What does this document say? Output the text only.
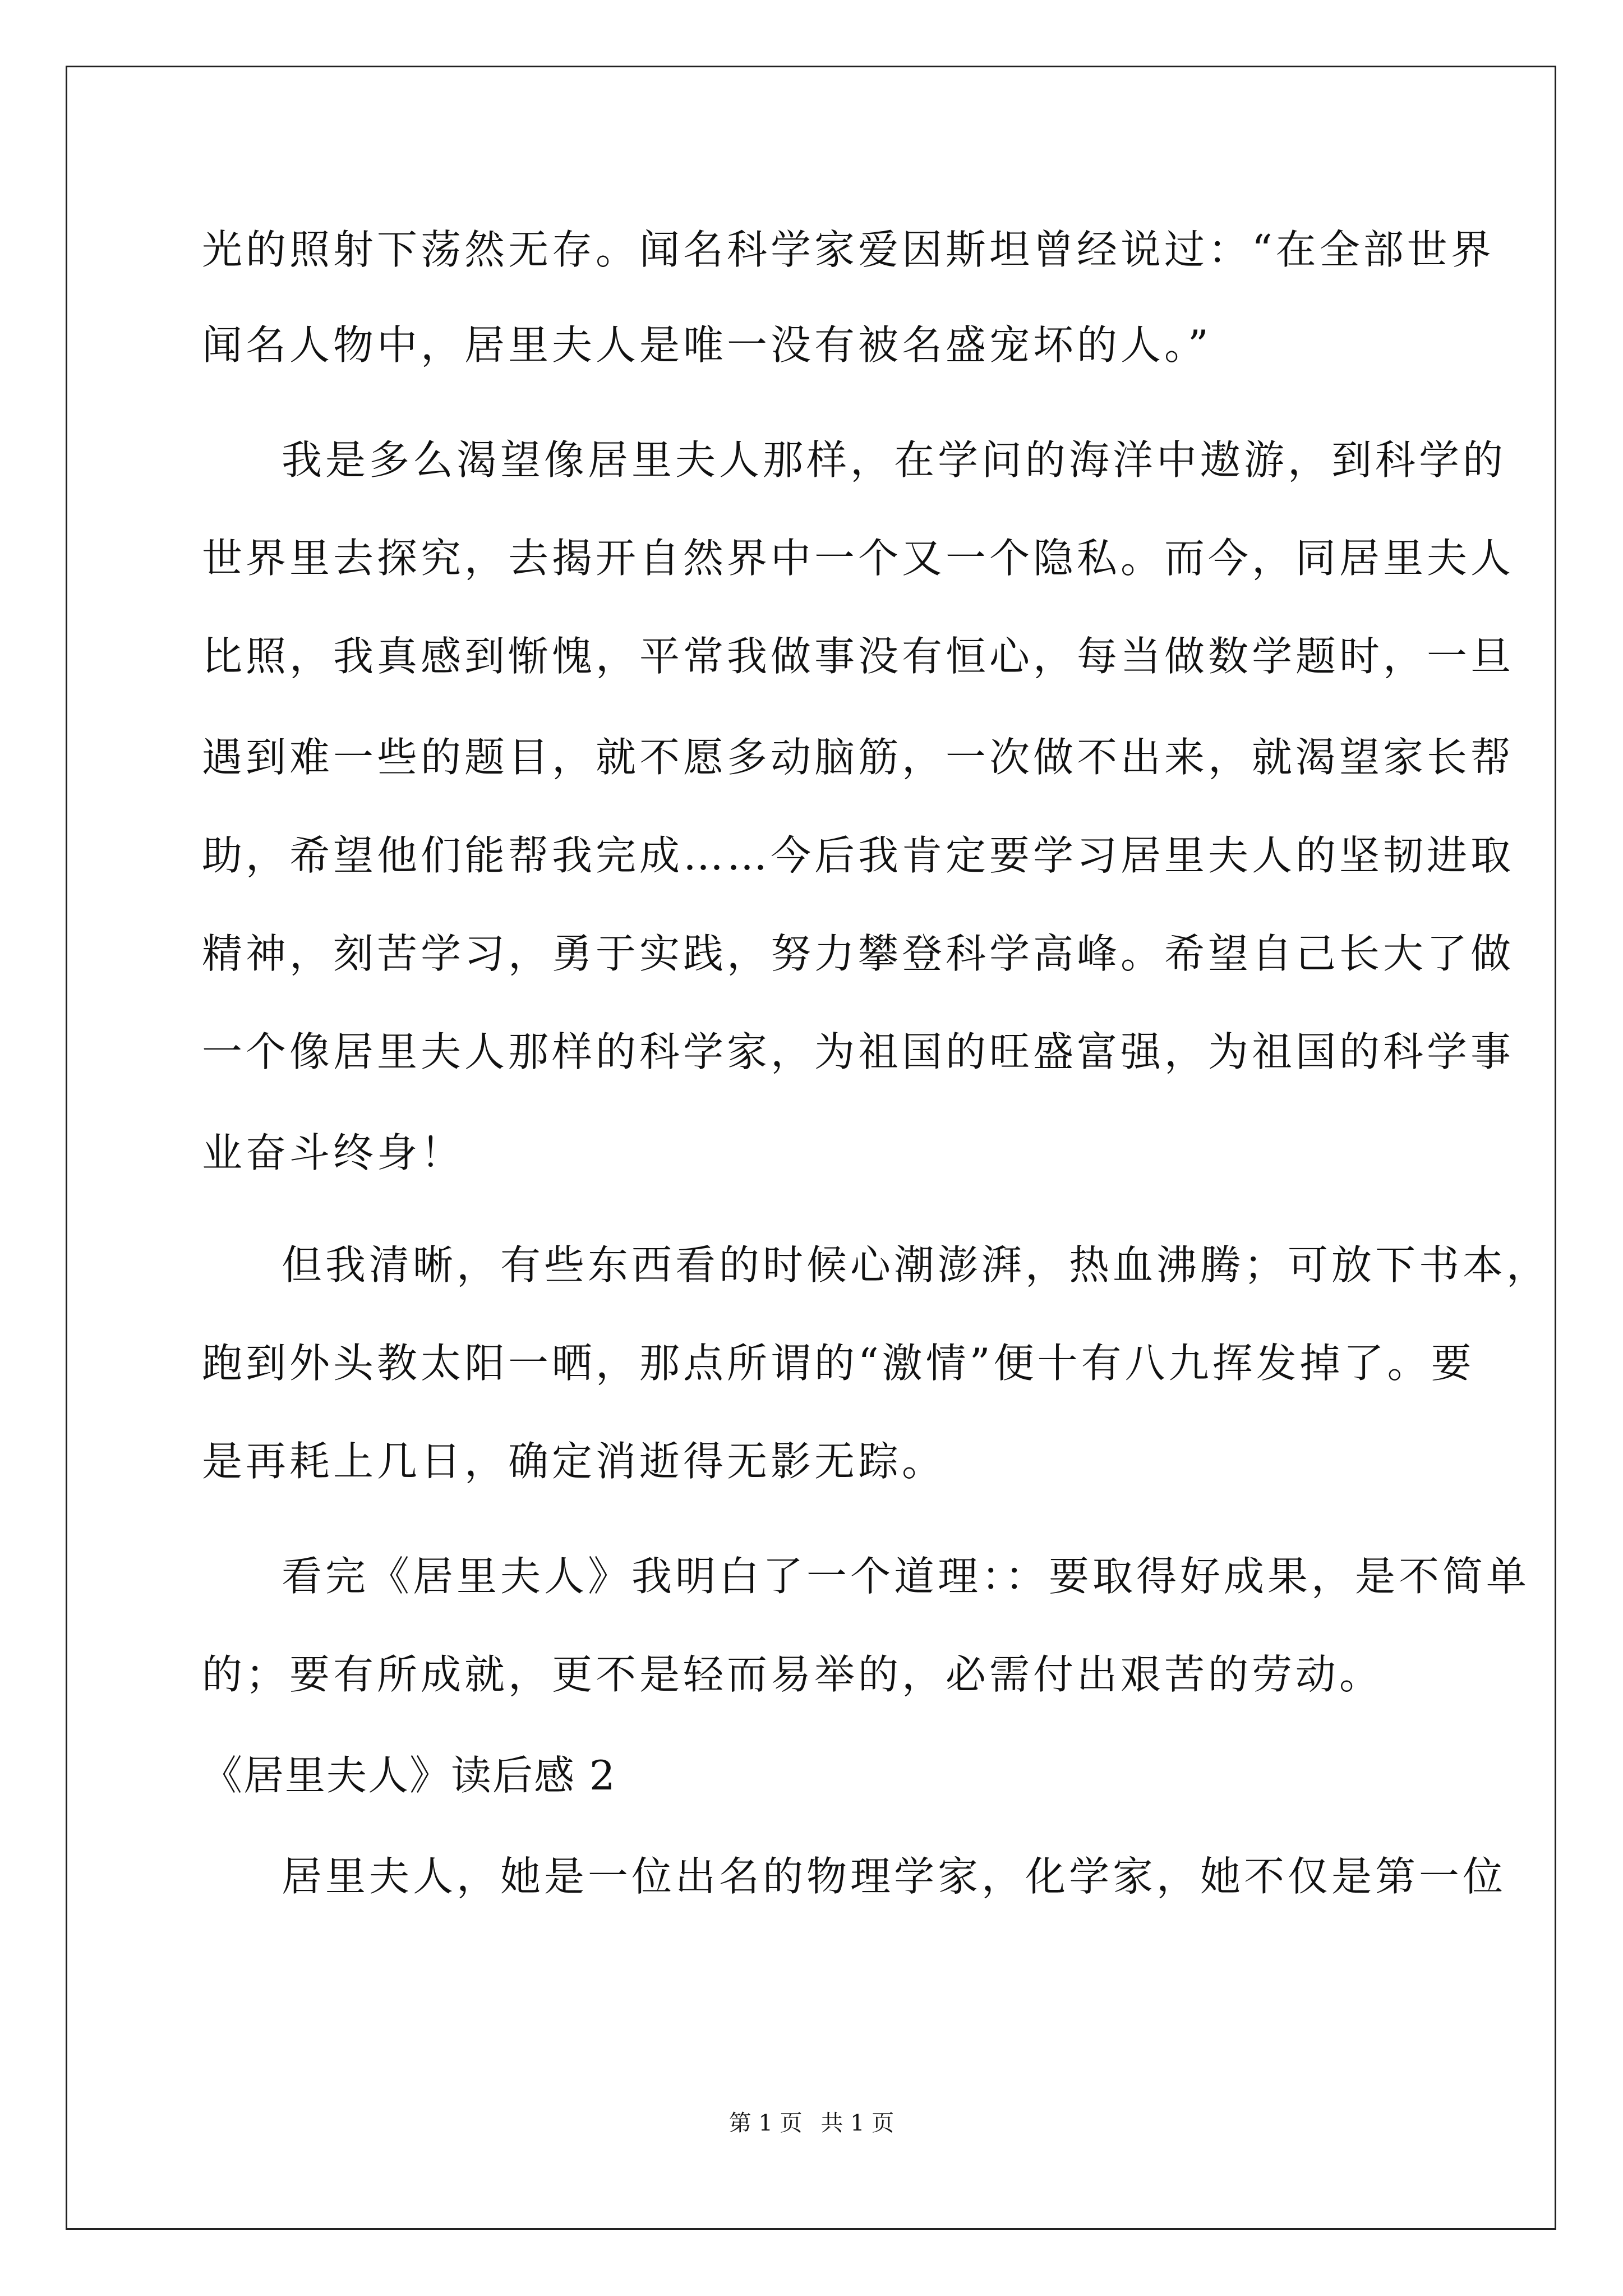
光的照射下荡然无存。闻名科学家爱因斯坦曾经说过：“在全部世界
闻名人物中，居里夫人是唯一没有被名盛宠坏的人。”
我是多么渴望像居里夫人那样，在学问的海洋中遨游，到科学的
世界里去探究，去揭开自然界中一个又一个隐私。而今，同居里夫人
比照，我真感到惭愧，平常我做事没有恒心，每当做数学题时，一旦
遇到难一些的题目，就不愿多动脑筋，一次做不出来，就渴望家长帮
助，希望他们能帮我完成……今后我肯定要学习居里夫人的坚韧进取
精神，刻苦学习，勇于实践，努力攀登科学高峰。希望自己长大了做
一个像居里夫人那样的科学家，为祖国的旺盛富强，为祖国的科学事
业奋斗终身！
但我清晰，有些东西看的时候心潮澎湃，热血沸腾；可放下书本，
跑到外头教太阳一晒，那点所谓的“激情”便十有八九挥发掉了。要
是再耗上几日，确定消逝得无影无踪。
看完《居里夫人》我明白了一个道理：：要取得好成果，是不简单
的；要有所成就，更不是轻而易举的，必需付出艰苦的劳动。
《居里夫人》读后感 2
居里夫人，她是一位出名的物理学家，化学家，她不仅是第一位
第 1 页 共 1 页
